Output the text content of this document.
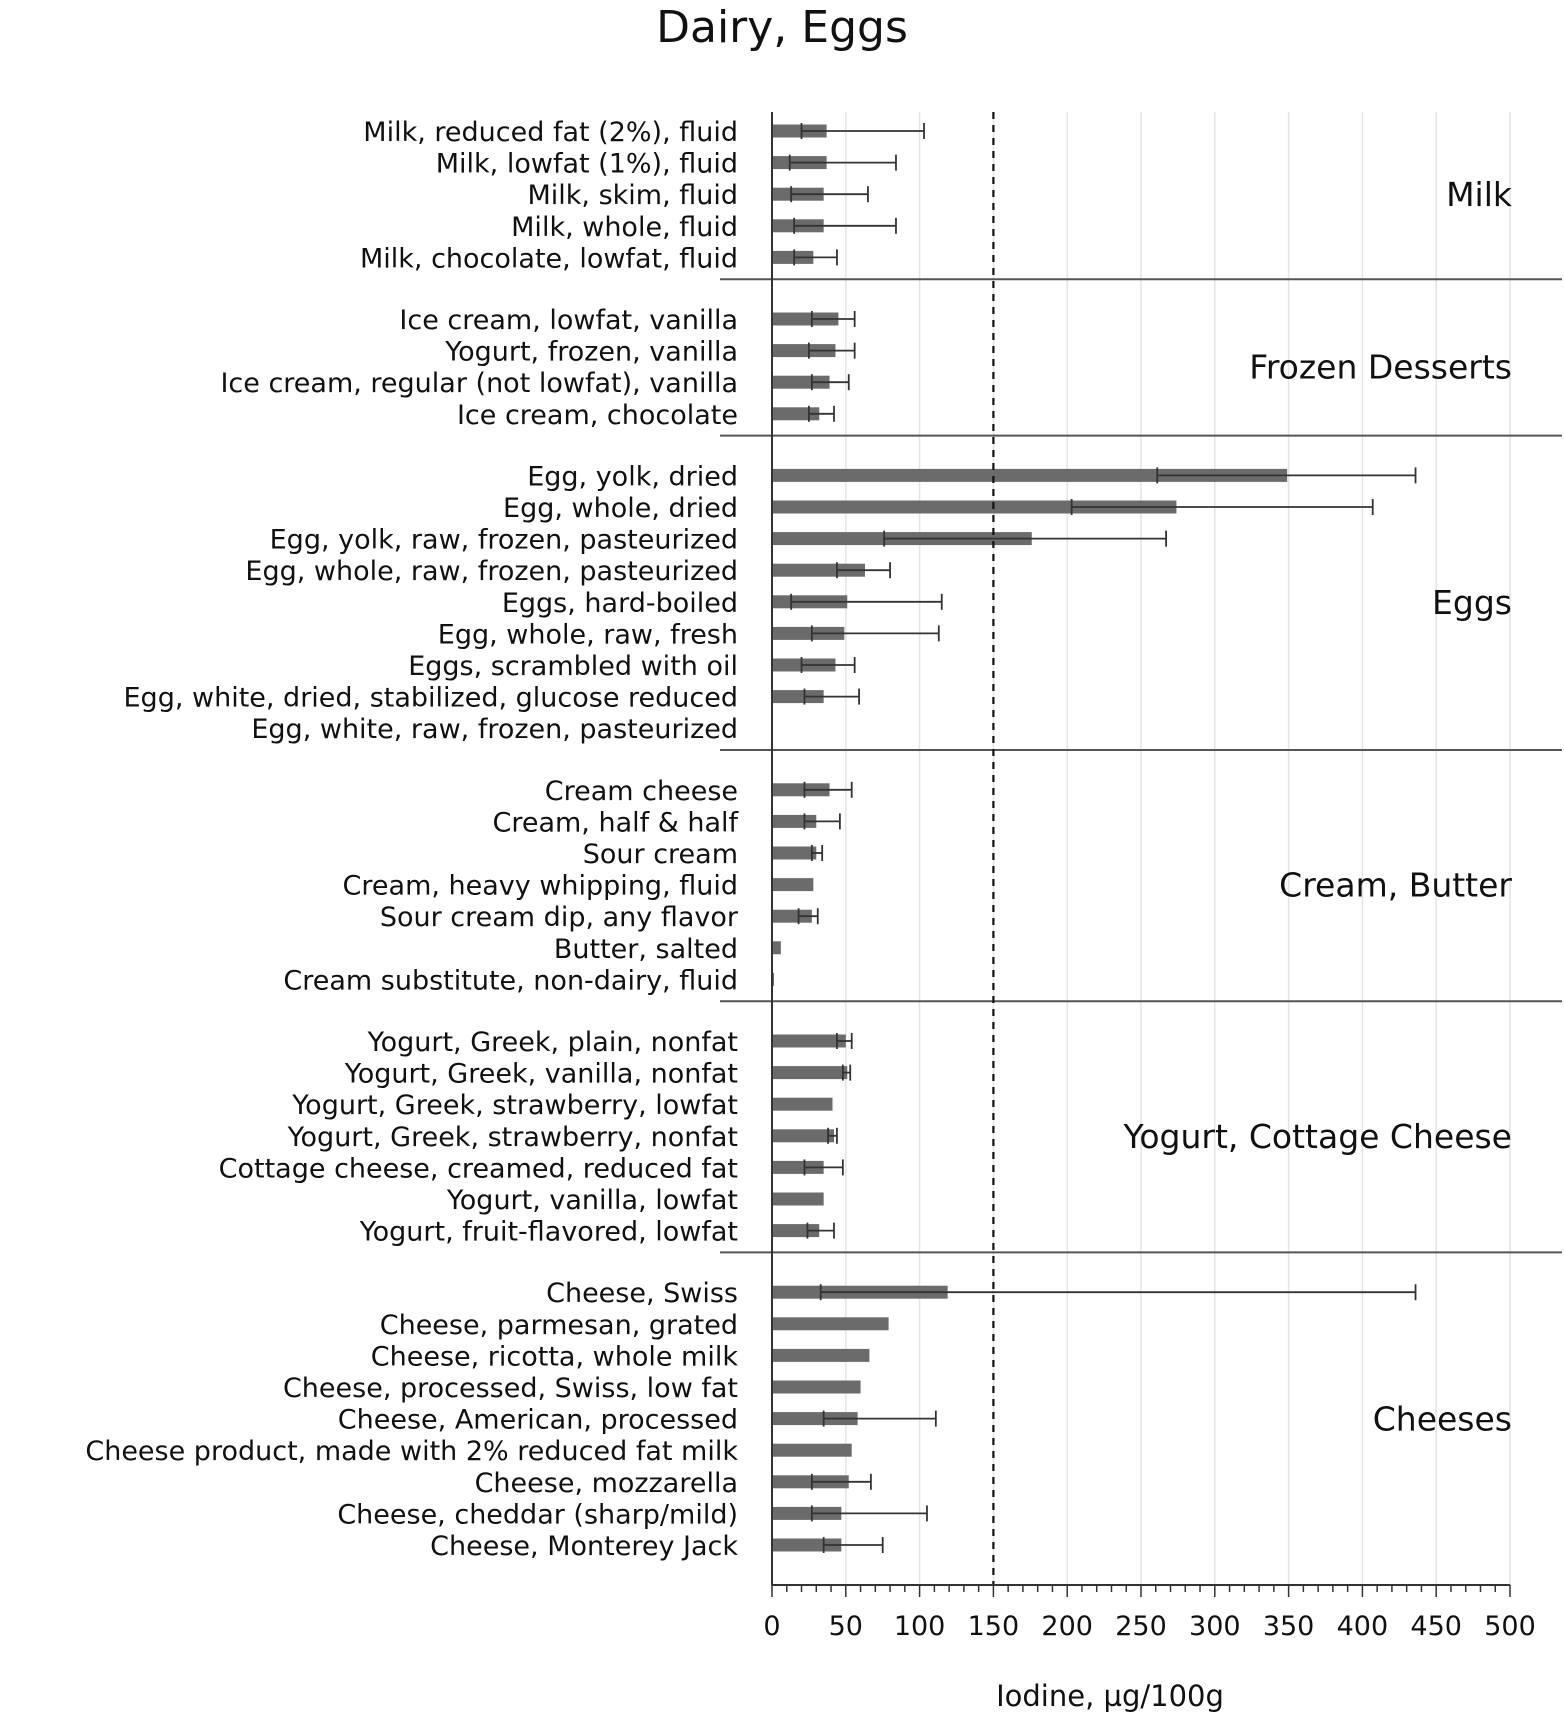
Dairy, Eggs
Iodine, µg/100g
0 50 100 150 200 250 300 350 400 450 500
Milk, reduced fat (2%), fluid
Milk, lowfat (1%), fluid
Milk, skim, fluid
Milk, whole, fluid
Milk, chocolate, lowfat, fluid
Ice cream, lowfat, vanilla
Yogurt, frozen, vanilla
Ice cream, regular (not lowfat), vanilla
Ice cream, chocolate
Egg, yolk, dried
Egg, whole, dried
Egg, yolk, raw, frozen, pasteurized
Egg, whole, raw, frozen, pasteurized
Eggs, hard-boiled
Egg, whole, raw, fresh
Eggs, scrambled with oil
Egg, white, dried, stabilized, glucose reduced
Egg, white, raw, frozen, pasteurized
Cream cheese
Cream, half & half
Sour cream
Cream, heavy whipping, fluid
Sour cream dip, any flavor
Butter, salted
Cream substitute, non-dairy, fluid
Yogurt, Greek, plain, nonfat
Yogurt, Greek, vanilla, nonfat
Yogurt, Greek, strawberry, lowfat
Yogurt, Greek, strawberry, nonfat
Cottage cheese, creamed, reduced fat
Yogurt, vanilla, lowfat
Yogurt, fruit-flavored, lowfat
Cheese, Swiss
Cheese, parmesan, grated
Cheese, ricotta, whole milk
Cheese, processed, Swiss, low fat
Cheese, American, processed
Cheese product, made with 2% reduced fat milk
Cheese, mozzarella
Cheese, cheddar (sharp/mild)
Cheese, Monterey Jack
Milk
Frozen Desserts
Eggs
Cream, Butter
Yogurt, Cottage Cheese
Cheeses
